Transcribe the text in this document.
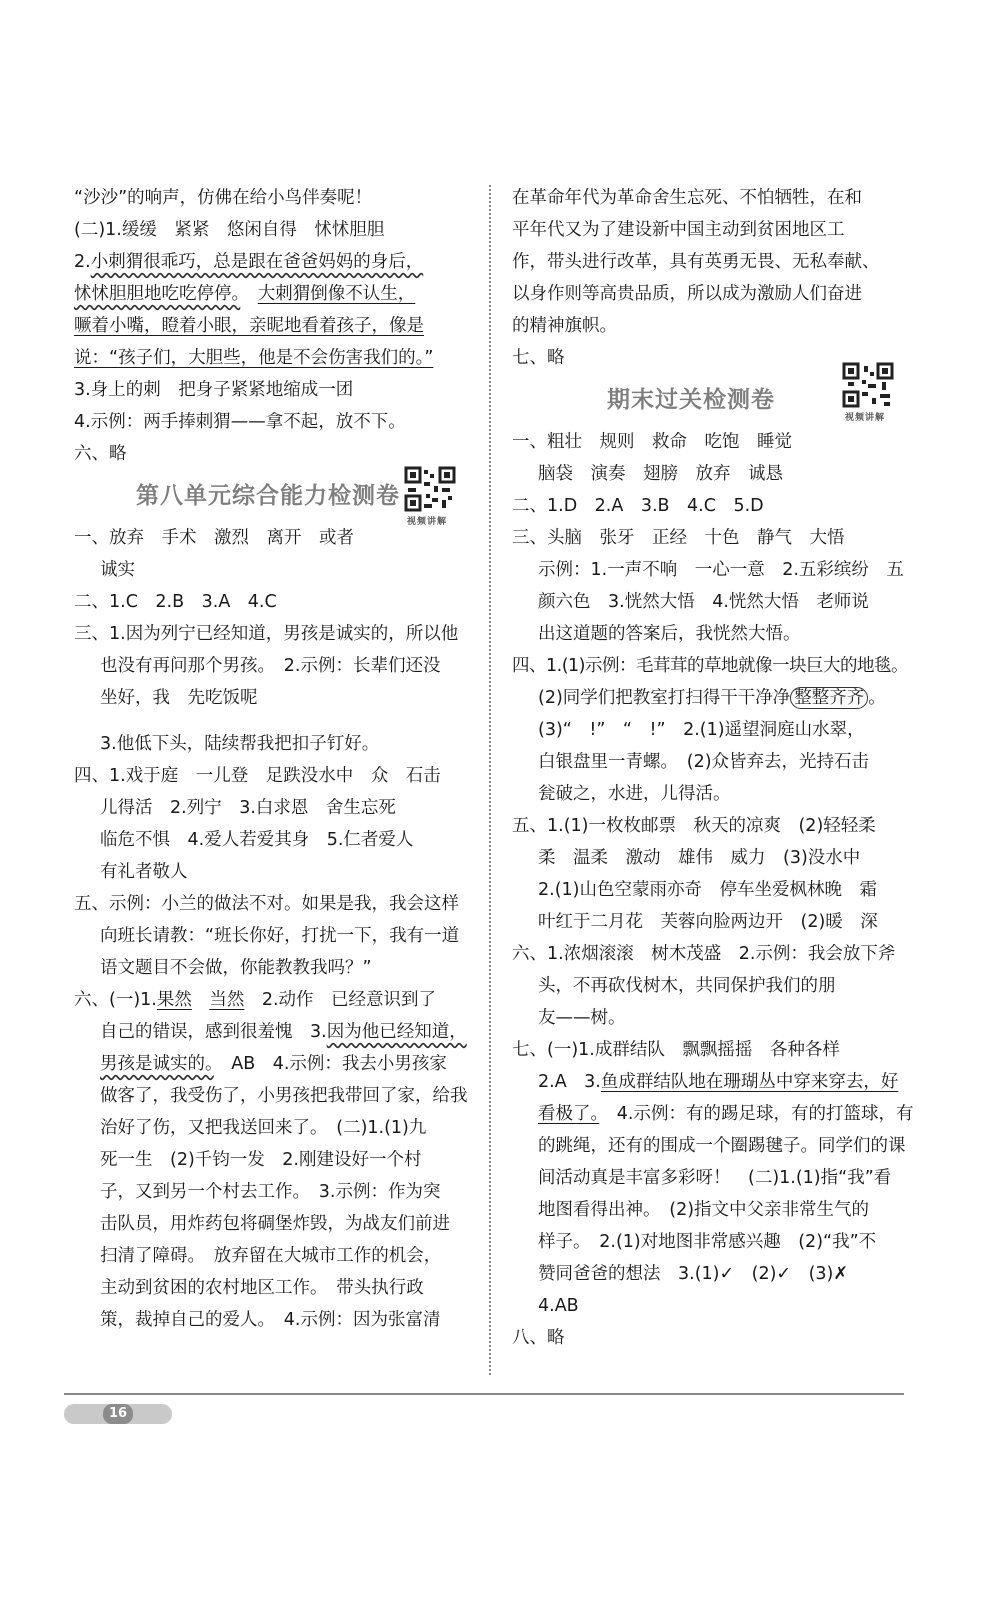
“沙沙”的响声，仿佛在给小鸟伴奏呢！
(二)1.缓缓　紧紧　悠闲自得　怵怵胆胆
2.小刺猬很乖巧，总是跟在爸爸妈妈的身后，
怵怵胆胆地吃吃停停。　 大刺猬倒像不认生，
噘着小嘴，瞪着小眼，亲昵地看着孩子，像是
说：“孩子们，大胆些，他是不会伤害我们的。”
3.身上的刺　把身子紧紧地缩成一团
4.示例：两手捧刺猬——拿不起，放不下。
六、略
第八单元综合能力检测卷
视频讲解
一、放弃　手术　激烈　离开　或者
诚实
二、1.C　2.B　3.A　4.C
三、1.因为列宁已经知道，男孩是诚实的，所以他
也没有再问那个男孩。　2.示例：长辈们还没
坐好，我　先吃饭呢
3.他低下头，陆续帮我把扣子钉好。
四、1.戏于庭　一儿登　足跌没水中　众　石击
儿得活　2.列宁　3.白求恩　舍生忘死
临危不惧　4.爱人若爱其身　5.仁者爱人
有礼者敬人
五、示例：小兰的做法不对。如果是我，我会这样
向班长请教：“班长你好，打扰一下，我有一道
语文题目不会做，你能教教我吗？”
六、(一)1.果然　 当然　 2.动作　已经意识到了
自己的错误，感到很羞愧　3.因为他已经知道，
男孩是诚实的。　AB　4.示例：我去小男孩家
做客了，我受伤了，小男孩把我带回了家，给我
治好了伤，又把我送回来了。　(二)1.(1)九
死一生　(2)千钧一发　2.刚建设好一个村
子，又到另一个村去工作。　3.示例：作为突
击队员，用炸药包将碉堡炸毁，为战友们前进
扫清了障碍。　放弃留在大城市工作的机会，
主动到贫困的农村地区工作。　带头执行政
策，裁掉自己的爱人。　4.示例：因为张富清
在革命年代为革命舍生忘死、不怕牺牲，在和
平年代又为了建设新中国主动到贫困地区工
作，带头进行改革，具有英勇无畏、无私奉献、
以身作则等高贵品质，所以成为激励人们奋进
的精神旗帜。
七、略
期末过关检测卷
视频讲解
一、粗壮　规则　救命　吃饱　睡觉
脑袋　演奏　翅膀　放弃　诚恳
二、1.D　2.A　3.B　4.C　5.D
三、头脑　张牙　正经　十色　静气　大悟
示例：1.一声不响　一心一意　2.五彩缤纷　五
颜六色　3.恍然大悟　4.恍然大悟　老师说
出这道题的答案后，我恍然大悟。
四、1.(1)示例：毛茸茸的草地就像一块巨大的地毯。
(2)同学们把教室打扫得干干净净 整整齐齐 。
(3)“　!”　“　!”　2.(1)遥望洞庭山水翠，
白银盘里一青螺。　(2)众皆弃去，光持石击
瓮破之，水进，儿得活。
五、1.(1)一枚枚邮票　秋天的凉爽　(2)轻轻柔
柔　温柔　激动　雄伟　威力　(3)没水中
2.(1)山色空蒙雨亦奇　停车坐爱枫林晚　霜
叶红于二月花　芙蓉向脸两边开　(2)暖　深
六、1.浓烟滚滚　树木茂盛　2.示例：我会放下斧
头，不再砍伐树木，共同保护我们的朋
友——树。
七、(一)1.成群结队　飘飘摇摇　各种各样
2.A　3.鱼成群结队地在珊瑚丛中穿来穿去，好
看极了。　4.示例：有的踢足球，有的打篮球，有
的跳绳，还有的围成一个圈踢毽子。同学们的课
间活动真是丰富多彩呀！　(二)1.(1)指“我”看
地图看得出神。　(2)指文中父亲非常生气的
样子。　2.(1)对地图非常感兴趣　(2)“我”不
赞同爸爸的想法　3.(1)✓　(2)✓　(3)✗
4.AB
八、略
16
